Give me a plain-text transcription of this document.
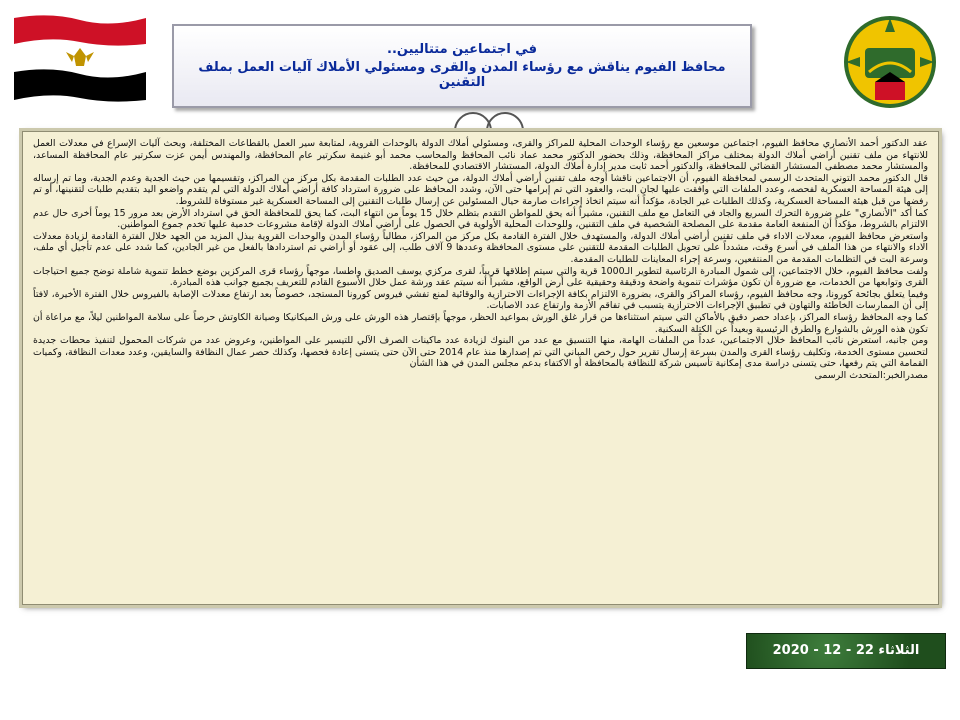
في اجتماعين متتاليين..
محافظ الفيوم يناقش مع رؤساء المدن والقرى ومسئولي الأملاك آليات العمل بملف التقنين

عقد الدكتور أحمد الأنصاري محافظ الفيوم، اجتماعين موسعين مع رؤساء الوحدات المحلية للمراكز والقرى، ومسئولي أملاك الدولة بالوحدات القروية، لمتابعة سير العمل بالقطاعات المختلفة، وبحث آليات الإسراع في معدلات العمل للانتهاء من ملف تقنين أراضي أملاك الدولة بمختلف مراكز المحافظة، وذلك بحضور الدكتور محمد عماد نائب المحافظ والمحاسب محمد أبو غنيمة سكرتير عام المحافظة، والمهندس أيمن عزت سكرتير عام المحافظة المساعد، والمستشار محمد مصطفى المستشار القضائي للمحافظة، والدكتور أحمد ثابت مدير إدارة أملاك الدولة، المستشار الاقتصادي للمحافظة.

قال الدكتور محمد التوني المتحدث الرسمي لمحافظة الفيوم، أن الاجتماعين ناقشا أوجه ملف تقنين أراضي أملاك الدولة، من حيث عدد الطلبات المقدمة بكل مركز من المراكز، وتقسيمها من حيث الجدية وعدم الجدية، وما تم إرساله إلى هيئة المساحة العسكرية لفحصه، وعدد الملفات التي وافقت عليها لجان البت، والعقود التي تم إبرامها حتى الآن، وشدد المحافظ على ضرورة استرداد كافة أراضي أملاك الدولة التي لم يتقدم واضعو اليد بتقديم طلبات لتقنينها، أو تم رفضها من قبل هيئة المساحة العسكرية، وكذلك الطلبات غير الجادة، مؤكداً أنه سيتم اتخاذ إجراءات صارمة حيال المسئولين عن إرسال طلبات التقنين إلى المساحة العسكرية غير مستوفاة للشروط.

كما أكد "الأنصاري" على ضرورة التحرك السريع والجاد في التعامل مع ملف التقنين، مشيراً أنه يحق للمواطن التقدم بتظلم خلال 15 يوماً من انتهاء البت، كما يحق للمحافظة الحق في استرداد الأرض بعد مرور 15 يوماً أخرى حال عدم الالتزام بالشروط، مؤكداً أن المنفعة العامة مقدمة على المصلحة الشخصية في ملف التقنين، وللوحدات المحلية الأولوية في الحصول على أراضي أملاك الدولة لإقامة مشروعات خدمية عليها تخدم جموع المواطنين.

واستعرض محافظ الفيوم، معدلات الاداء في ملف تقنين أراضي أملاك الدولة، والمستهدف خلال الفترة القادمة بكل مركز من المراكز، مطالباً رؤساء المدن والوحدات القروية ببذل المزيد من الجهد خلال الفترة القادمة لزيادة معدلات الاداء والانتهاء من هذا الملف في أسرع وقت، مشدداً على تحويل الطلبات المقدمة للتقنين على مستوى المحافظة وعددها 9 آلاف طلب، إلى عقود أو أراضي تم استردادها بالفعل من غير الجادين، كما شدد على عدم تأجيل أي ملف، وسرعة البت في التظلمات المقدمة من المنتفعين، وسرعة إجراء المعاينات للطلبات المقدمة.

ولفت محافظ الفيوم، خلال الاجتماعين، إلى شمول المبادرة الرئاسية لتطوير الـ1000 قرية والتي سيتم إطلاقها قريباً، لقرى مركزي يوسف الصديق واطسا، موجهاً رؤساء قرى المركزين بوضع خطط تنموية شاملة توضح جميع احتياجات القرى وتوابعها من الخدمات، مع ضرورة أن تكون مؤشرات تنموية واضحة ودقيقة وحقيقية على أرض الواقع، مشيراً أنه سيتم عقد ورشة عمل خلال الأسبوع القادم للتعريف بجميع جوانب هذه المبادرة.

وفيما يتعلق بجائحة كورونا، وجه محافظ الفيوم، رؤساء المراكز والقرى، بضرورة الالتزام بكافة الإجراءات الاحترازية والوقائية لمنع تفشي فيروس كورونا المستجد، خصوصاً بعد ارتفاع معدلات الإصابة بالفيروس خلال الفترة الأخيرة، لافتاً إلى أن الممارسات الخاطئة والتهاون في تطبيق الإجراءات الاحترازية يتسبب في تفاقم الأزمة وارتفاع عدد الاصابات.

كما وجه المحافظ رؤساء المراكز، بإعداد حصر دقيق بالأماكن التي سيتم استثناءها من قرار غلق الورش بمواعيد الحظر، موجهاً بإقتصار هذه الورش على ورش الميكانيكا وصيانة الكاوتش حرصاً على سلامة المواطنين ليلاً، مع مراعاة أن تكون هذه الورش بالشوارع والطرق الرئيسية وبعيداً عن الكتلة السكنية.

ومن جانبه، استعرض نائب المحافظ خلال الاجتماعين، عدداً من الملفات الهامة، منها التنسيق مع عدد من البنوك لزيادة عدد ماكينات الصرف الآلي للتيسير على المواطنين، وعروض عدد من شركات المحمول لتنفيذ محطات جديدة لتحسين مستوى الخدمة، وتكليف رؤساء القرى والمدن بسرعة إرسال تقرير حول رخص المباني التي تم إصدارها منذ عام 2014 حتى الآن حتى يتسنى إعادة فحصها، وكذلك حصر عمال النظافة والسايقين، وعدد معدات النظافة، وكميات القمامة التي يتم رفعها، حتى يتسنى دراسة مدى إمكانية تأسيس شركة للنظافة بالمحافظة أو الاكتفاء بدعم مجلس المدن في هذا الشأن

مصدرالخبر:المتحدث الرسمى

الثلاثاء 22 - 12 - 2020
